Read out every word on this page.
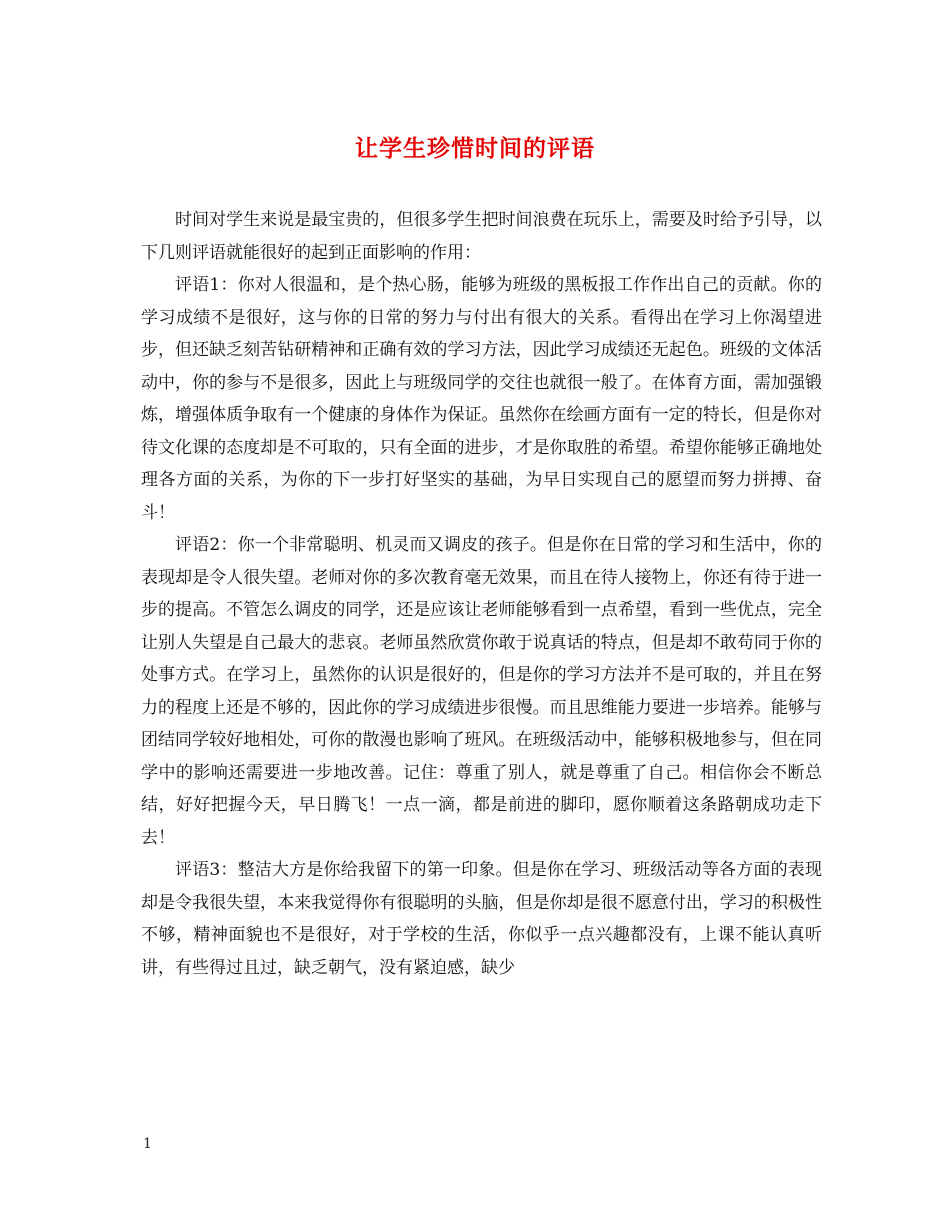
让学生珍惜时间的评语

时间对学生来说是最宝贵的，但很多学生把时间浪费在玩乐上，需要及时给予引导，以下几则评语就能很好的起到正面影响的作用：

评语1：你对人很温和，是个热心肠，能够为班级的黑板报工作作出自己的贡献。你的学习成绩不是很好，这与你的日常的努力与付出有很大的关系。看得出在学习上你渴望进步，但还缺乏刻苦钻研精神和正确有效的学习方法，因此学习成绩还无起色。班级的文体活动中，你的参与不是很多，因此上与班级同学的交往也就很一般了。在体育方面，需加强锻炼，增强体质争取有一个健康的身体作为保证。虽然你在绘画方面有一定的特长，但是你对待文化课的态度却是不可取的，只有全面的进步，才是你取胜的希望。希望你能够正确地处理各方面的关系，为你的下一步打好坚实的基础，为早日实现自己的愿望而努力拼搏、奋斗！

评语2：你一个非常聪明、机灵而又调皮的孩子。但是你在日常的学习和生活中，你的表现却是令人很失望。老师对你的多次教育毫无效果，而且在待人接物上，你还有待于进一步的提高。不管怎么调皮的同学，还是应该让老师能够看到一点希望，看到一些优点，完全让别人失望是自己最大的悲哀。老师虽然欣赏你敢于说真话的特点，但是却不敢苟同于你的处事方式。在学习上，虽然你的认识是很好的，但是你的学习方法并不是可取的，并且在努力的程度上还是不够的，因此你的学习成绩进步很慢。而且思维能力要进一步培养。能够与团结同学较好地相处，可你的散漫也影响了班风。在班级活动中，能够积极地参与，但在同学中的影响还需要进一步地改善。记住：尊重了别人，就是尊重了自己。相信你会不断总结，好好把握今天，早日腾飞！一点一滴，都是前进的脚印，愿你顺着这条路朝成功走下去！

评语3：整洁大方是你给我留下的第一印象。但是你在学习、班级活动等各方面的表现却是令我很失望，本来我觉得你有很聪明的头脑，但是你却是很不愿意付出，学习的积极性不够，精神面貌也不是很好，对于学校的生活，你似乎一点兴趣都没有，上课不能认真听讲，有些得过且过，缺乏朝气，没有紧迫感，缺少

1
